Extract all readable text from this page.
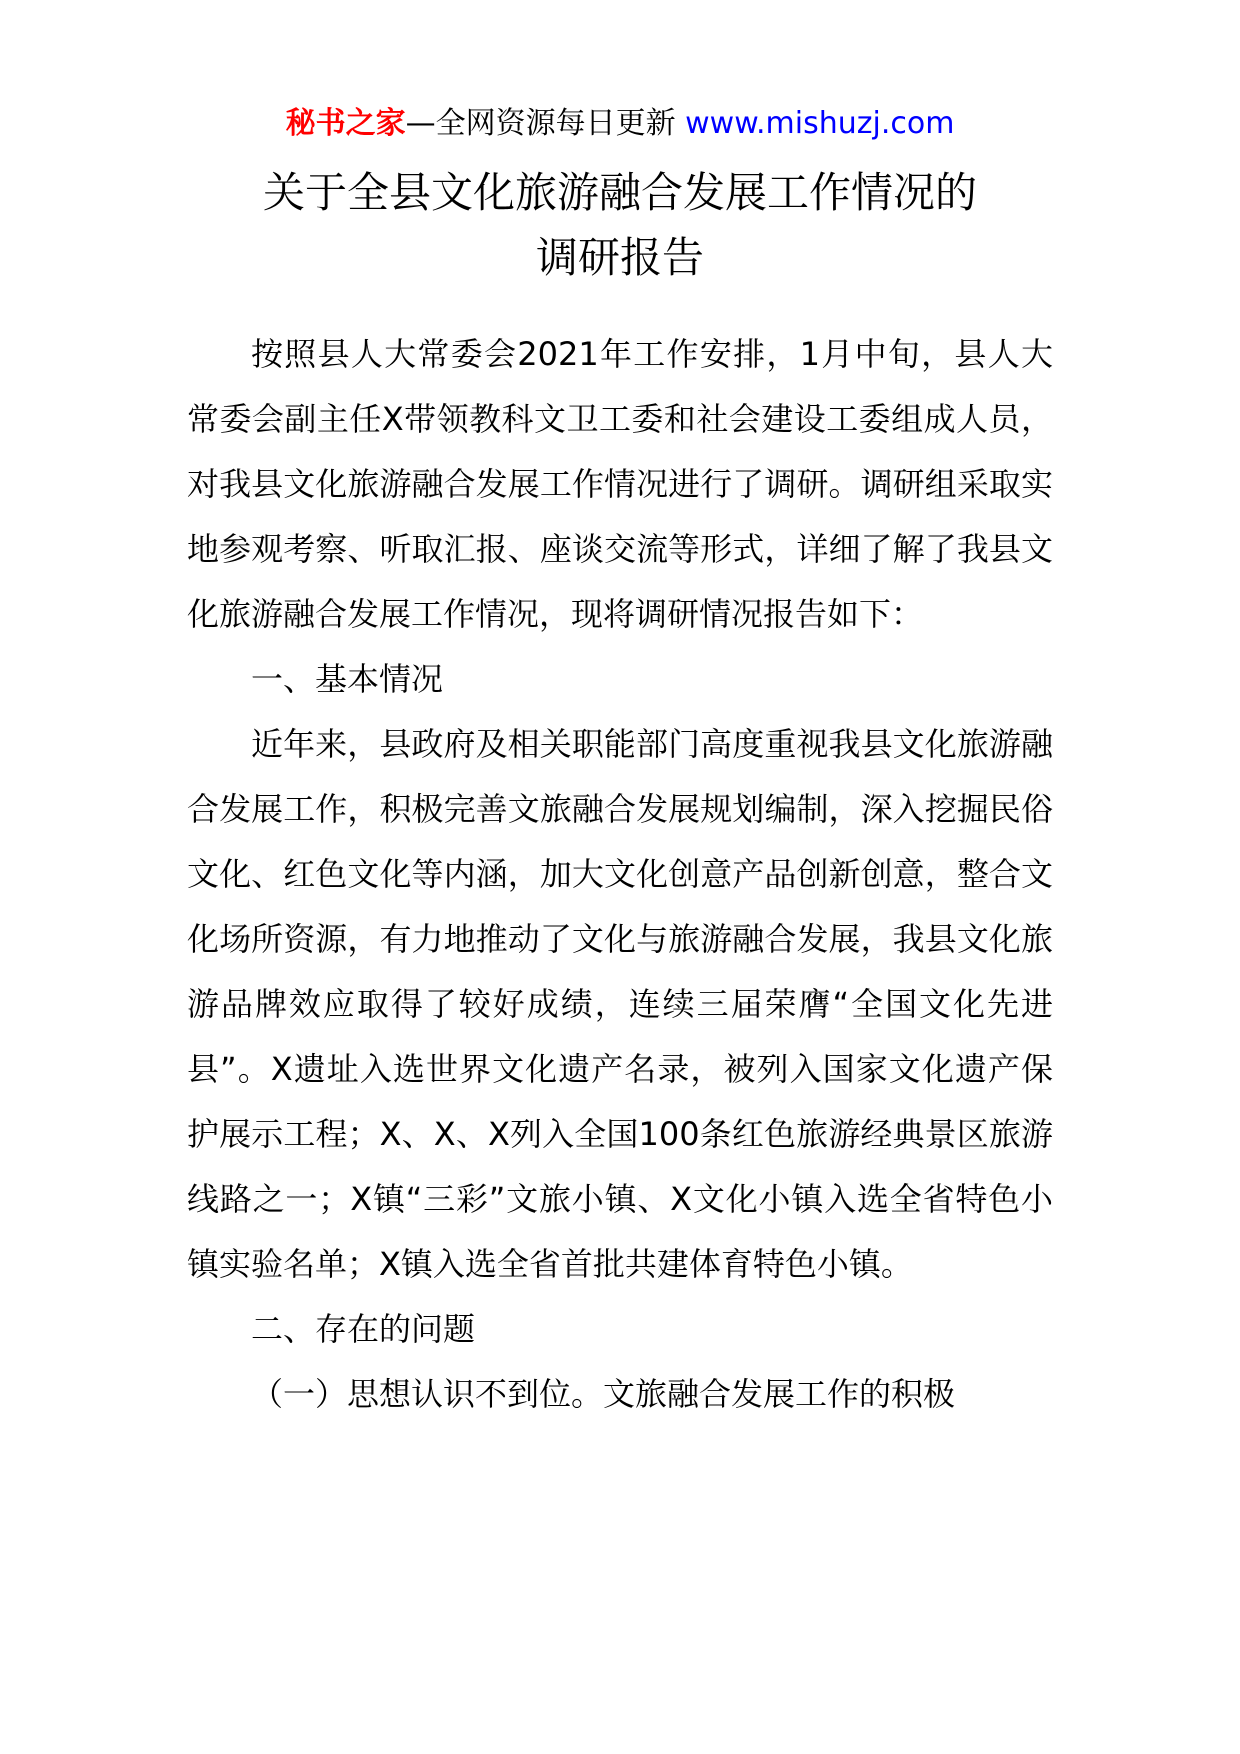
秘书之家—全网资源每日更新 www.mishuzj.com
关于全县文化旅游融合发展工作情况的
调研报告

按照县人大常委会2021年工作安排，1月中旬，县人大常委会副主任X带领教科文卫工委和社会建设工委组成人员，对我县文化旅游融合发展工作情况进行了调研。调研组采取实地参观考察、听取汇报、座谈交流等形式，详细了解了我县文化旅游融合发展工作情况，现将调研情况报告如下：

一、基本情况

近年来，县政府及相关职能部门高度重视我县文化旅游融合发展工作，积极完善文旅融合发展规划编制，深入挖掘民俗文化、红色文化等内涵，加大文化创意产品创新创意，整合文化场所资源，有力地推动了文化与旅游融合发展，我县文化旅游品牌效应取得了较好成绩，连续三届荣膺“全国文化先进县”。X遗址入选世界文化遗产名录，被列入国家文化遗产保护展示工程；X、X、X列入全国100条红色旅游经典景区旅游线路之一；X镇“三彩”文旅小镇、X文化小镇入选全省特色小镇实验名单；X镇入选全省首批共建体育特色小镇。

二、存在的问题

（一）思想认识不到位。文旅融合发展工作的积极
